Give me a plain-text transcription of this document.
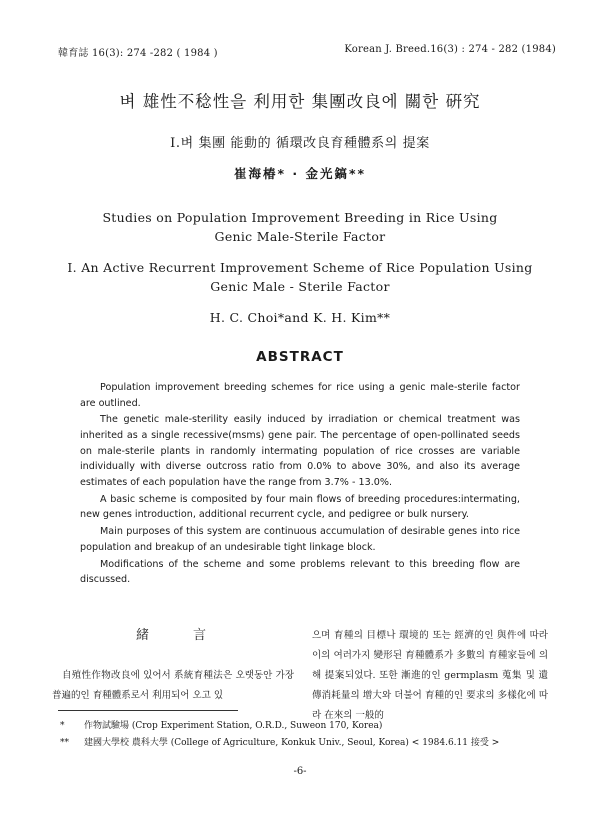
韓育誌 16(3): 274 -282 ( 1984 )	Korean J. Breed.16(3) : 274 - 282 (1984)
벼 雄性不稔性을 利用한 集團改良에 關한 硏究
Ⅰ.벼 集團 能動的 循環改良育種體系의 提案
崔海椿* · 金光鎬**
Studies on Population Improvement Breeding in Rice Using
Genic Male-Sterile Factor
Ⅰ. An Active Recurrent Improvement Scheme of Rice Population Using
Genic Male - Sterile Factor
H. C. Choi*and K. H. Kim**
ABSTRACT

Population improvement breeding schemes for rice using a genic male-sterile factor are outlined.

The genetic male-sterility easily induced by irradiation or chemical treatment was inherited as a single recessive(msms) gene pair. The percentage of open-pollinated seeds on male-sterile plants in randomly intermating population of rice crosses are variable individually with diverse outcross ratio from 0.0% to above 30%, and also its average estimates of each population have the range from 3.7% - 13.0%.

A basic scheme is composited by four main flows of breeding procedures:intermating, new genes introduction, additional recurrent cycle, and pedigree or bulk nursery.

Main purposes of this system are continuous accumulation of desirable genes into rice population and breakup of an undesirable tight linkage block.

Modifications of the scheme and some problems relevant to this breeding flow are discussed.

緒言

自殖性作物改良에 있어서 系統育種法은 오랫동안 가장 普遍的인 育種體系로서 利用되어 오고 있

으며 育種의 目標나 環境的 또는 經濟的인 與件에 따라 이의 여러가지 變形된 育種體系가 多數의 育種家들에 의해 提案되었다. 또한 漸進的인 germplasm 蒐集 및 遺傳消耗量의 增大와 더불어 育種的인 要求의 多樣化에 따라 在來의 一般的

* 作物試驗場 (Crop Experiment Station, O.R.D., Suweon 170, Korea)
** 建國大學校 農科大學 (College of Agriculture, Konkuk Univ., Seoul, Korea) < 1984.6.11 接受 >
-6-
